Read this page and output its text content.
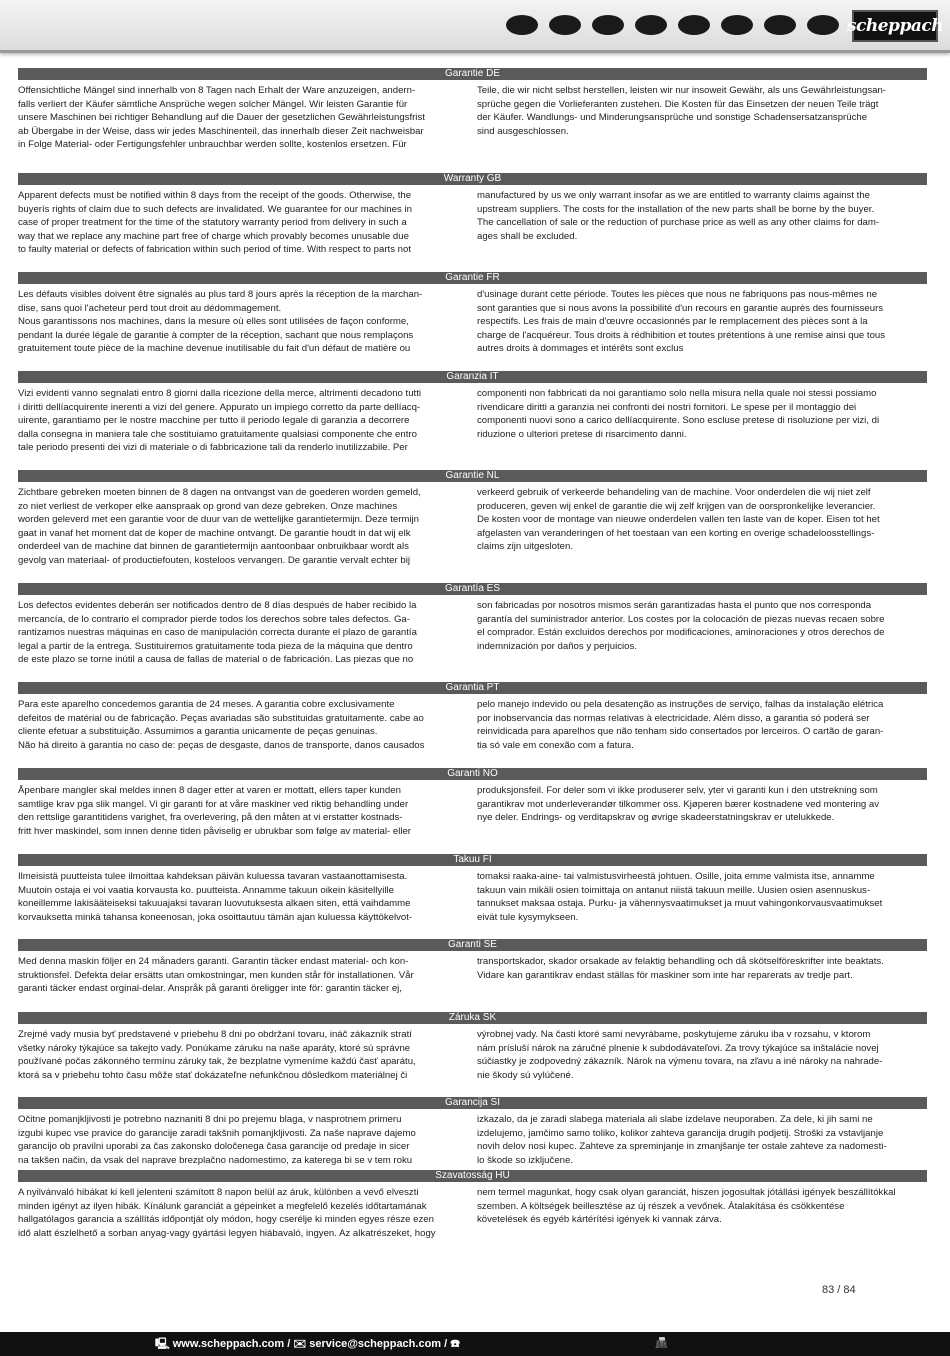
scheppach
Garantie DE
Offensichtliche Mängel sind innerhalb von 8 Tagen nach Erhalt der Ware anzuzeigen, andern-
falls verliert der Käufer sämtliche Ansprüche wegen solcher Mängel. Wir leisten Garantie für
unsere Maschinen bei richtiger Behandlung auf die Dauer der gesetzlichen Gewährleistungsfrist
ab Übergabe in der Weise, dass wir jedes Maschinenteil, das innerhalb dieser Zeit nachweisbar
in Folge Material- oder Fertigungsfehler unbrauchbar werden sollte, kostenlos ersetzen. Für
Teile, die wir nicht selbst herstellen, leisten wir nur insoweit Gewähr, als uns Gewährleistungsan-
sprüche gegen die Vorlieferanten zustehen. Die Kosten für das Einsetzen der neuen Teile trägt
der Käufer. Wandlungs- und Minderungsansprüche und sonstige Schadensersatzansprüche
sind ausgeschlossen.
Warranty GB
Apparent defects must be notified within 8 days from the receipt of the goods. Otherwise, the
buyerís rights of claim due to such defects are invalidated. We guarantee for our machines in
case of proper treatment for the time of the statutory warranty period from delivery in such a
way that we replace any machine part free of charge which provably becomes unusable due
to faulty material or defects of fabrication within such period of time. With respect to parts not
manufactured by us we only warrant insofar as we are entitled to warranty claims against the
upstream suppliers. The costs for the installation of the new parts shall be borne by the buyer.
The cancellation of sale or the reduction of purchase price as well as any other claims for dam-
ages shall be excluded.
Garantie FR
Les défauts visibles doivent être signalés au plus tard 8 jours après la réception de la marchan-
dise, sans quoi l'acheteur perd tout droit au dédommagement.
Nous garantissons nos machines, dans la mesure où elles sont utilisées de façon conforme,
pendant la durée légale de garantie à compter de la réception, sachant que nous remplaçons
gratuitement toute pièce de la machine devenue inutilisable du fait d'un défaut de matière ou
d'usinage durant cette période. Toutes les pièces que nous ne fabriquons pas nous-mêmes ne
sont garanties que si nous avons la possibilité d'un recours en garantie auprès des fournisseurs
respectifs. Les frais de main d'œuvre occasionnés par le remplacement des pièces sont à la
charge de l'acquéreur. Tous droits à rédhibition et toutes prétentions à une remise ainsi que tous
autres droits à dommages et intérêts sont exclus
Garanzia IT
Vizi evidenti vanno segnalati entro 8 giorni dalla ricezione della merce, altrimenti decadono tutti
i diritti dellíacquirente inerenti a vizi del genere. Appurato un impiego corretto da parte dellíacq-
uirente, garantiamo per le nostre macchine per tutto il periodo legale di garanzia a decorrere
dalla consegna in maniera tale che sostituiamo gratuitamente qualsiasi componente che entro
tale periodo presenti dei vizi di materiale o di fabbricazione tali da renderlo inutilizzabile. Per
componenti non fabbricati da noi garantiamo solo nella misura nella quale noi stessi possiamo
rivendicare diritti a garanzia nei confronti dei nostri fornitori. Le spese per il montaggio dei
componenti nuovi sono a carico dellíacquirente. Sono escluse pretese di risoluzione per vizi, di
riduzione o ulteriori pretese di risarcimento danni.
Garantie NL
Zichtbare gebreken moeten binnen de 8 dagen na ontvangst van de goederen worden gemeld,
zo niet verliest de verkoper elke aanspraak op grond van deze gebreken. Onze machines
worden geleverd met een garantie voor de duur van de wettelijke garantietermijn. Deze termijn
gaat in vanaf het moment dat de koper de machine ontvangt. De garantie houdt in dat wij elk
onderdeel van de machine dat binnen de garantietermijn aantoonbaar onbruikbaar wordt als
gevolg van materiaal- of productiefouten, kosteloos vervangen. De garantie vervalt echter bij
verkeerd gebruik of verkeerde behandeling van de machine. Voor onderdelen die wij niet zelf
produceren, geven wij enkel de garantie die wij zelf krijgen van de oorspronkelijke leverancier.
De kosten voor de montage van nieuwe onderdelen vallen ten laste van de koper. Eisen tot het
afgelasten van veranderingen of het toestaan van een korting en overige schadeloosstellings-
claims zijn uitgesloten.
Garantía ES
Los defectos evidentes deberán ser notificados dentro de 8 días después de haber recibido la
mercancía, de lo contrario el comprador pierde todos los derechos sobre tales defectos. Ga-
rantizamos nuestras máquinas en caso de manipulación correcta durante el plazo de garantía
legal a partir de la entrega. Sustituiremos gratuitamente toda pieza de la máquina que dentro
de este plazo se torne inútil a causa de fallas de material o de fabricación. Las piezas que no
son fabricadas por nosotros mismos serán garantizadas hasta el punto que nos corresponda
garantía del suministrador anterior. Los costes por la colocación de piezas nuevas recaen sobre
el comprador. Están excluidos derechos por modificaciones, aminoraciones y otros derechos de
indemnización por daños y perjuicios.
Garantia PT
Para este aparelho concedemos garantia de 24 meses. A garantia cobre exclusivamente
defeitos de matérial ou de fabricação. Peças avariadas são substituidas gratuitamente. cabe ao
cliente efetuar a substituição. Assumimos a garantia unicamente de peças genuinas.
Não há direito à garantia no caso de: peças de desgaste, danos de transporte, danos causados
pelo manejo indevido ou pela desatenção as instruções de serviço, falhas da instalação elétrica
por inobservancia das normas relativas à electricidade. Além disso, a garantia só poderá ser
reinvidicada para aparelhos que não tenham sido consertados por lerceiros. O cartão de garan-
tia só vale em conexão com a fatura.
Garanti NO
Åpenbare mangler skal meldes innen 8 dager etter at varen er mottatt, ellers taper kunden
samtlige krav pga slik mangel. Vi gir garanti for at våre maskiner ved riktig behandling under
den rettslige garantitidens varighet, fra overlevering, på den måten at vi erstatter kostnads-
fritt hver maskindel, som innen denne tiden påviselig er ubrukbar som følge av material- eller
produksjonsfeil. For deler som vi ikke produserer selv, yter vi garanti kun i den utstrekning som
garantikrav mot underleverandør tilkommer oss. Kjøperen bærer kostnadene ved montering av
nye deler. Endrings- og verditapskrav og øvrige skadeerstatningskrav er utelukkede.
Takuu FI
Ilmeisistä puutteista tulee ilmoittaa kahdeksan päivän kuluessa tavaran vastaanottamisesta.
Muutoin ostaja ei voi vaatia korvausta ko. puutteista. Annamme takuun oikein käsitellyille
koneillemme lakisääteiseksi takuuajaksi tavaran luovutuksesta alkaen siten, että vaihdamme
korvauksetta minkä tahansa koneenosan, joka osoittautuu tämän ajan kuluessa käyttökelvot-
tomaksi raaka-aine- tai valmistusvirheestä johtuen. Osille, joita emme valmista itse, annamme
takuun vain mikäli osien toimittaja on antanut niistä takuun meille. Uusien osien asennuskus-
tannukset maksaa ostaja. Purku- ja vähennysvaatimukset ja muut vahingonkorvausvaatimukset
eivät tule kysymykseen.
Garanti SE
Med denna maskin följer en 24 månaders garanti. Garantin täcker endast material- och kon-
struktionsfel. Defekta delar ersätts utan omkostningar, men kunden står för installationen. Vår
garanti täcker endast orginal-delar. Anspråk på garanti öreligger inte för: garantin täcker ej,
transportskador, skador orsakade av felaktig behandling och då skötselföreskrifter inte beaktats.
Vidare kan garantikrav endast ställas för maskiner som inte har reparerats av tredje part.
Záruka SK
Zrejmé vady musia byť predstavené v priebehu 8 dni po obdržaní tovaru, ináč zákazník stratí
všetky nároky týkajúce sa takejto vady. Ponúkame záruku na naše aparáty, ktoré sú správne
používané počas zákonného termínu záruky tak, že bezplatne vymeníme každú časť aparátu,
ktorá sa v priebehu tohto času môže stať dokázateľne nefunkčnou dôsledkom materiálnej či
výrobnej vady. Na časti ktoré sami nevyrábame, poskytujeme záruku iba v rozsahu, v ktorom
nám prísluší nárok na záručné plnenie k subdodávateľovi. Za trovy týkajúce sa inštalácie novej
súčiastky je zodpovedný zákazník. Nárok na výmenu tovara, na zľavu a iné nároky na nahrade-
nie škody sú vylúčené.
Garancija SI
Očitne pomanjkljivosti je potrebno naznaniti 8 dni po prejemu blaga, v nasprotnem primeru
izgubi kupec vse pravice do garancije zaradi takšnih pomanjkljivosti. Za naše naprave dajemo
garancijo ob pravilni uporabi za čas zakonsko določenega časa garancije od predaje in sicer
na takšen način, da vsak del naprave brezplačno nadomestimo, za katerega bi se v tem roku
izkazalo, da je zaradi slabega materiala ali slabe izdelave neuporaben. Za dele, ki jih sami ne
izdelujemo, jamčimo samo toliko, kolikor zahteva garancija drugih podjetij. Stroški za vstavljanje
novih delov nosi kupec. Zahteve za spreminjanje in zmanjšanje ter ostale zahteve za nadomesti-
lo škode so izključene.
Szavatosság HU
A nyilvánvaló hibákat ki kell jelenteni számított 8 napon belül az áruk, különben a vevő elveszti
minden igényt az ilyen hibák. Kínálunk garanciát a gépeinket a megfelelő kezelés időtartamának
hallgatólagos garancia a szállítás időpontját oly módon, hogy cserélje ki minden egyes része ezen
idő alatt észlelhető a sorban anyag-vagy gyártási legyen hiábavaló, ingyen. Az alkatrészeket, hogy
nem termel magunkat, hogy csak olyan garanciát, hiszen jogosultak jótállási igények beszállítókkal
szemben. A költségek beillesztése az új részek a vevőnek. Átalakítása és csökkentése
követelések és egyéb kártérítési igények ki vannak zárva.
83 / 84
🖳 www.scheppach.com / ✉ service@scheppach.com / ☎	📠
